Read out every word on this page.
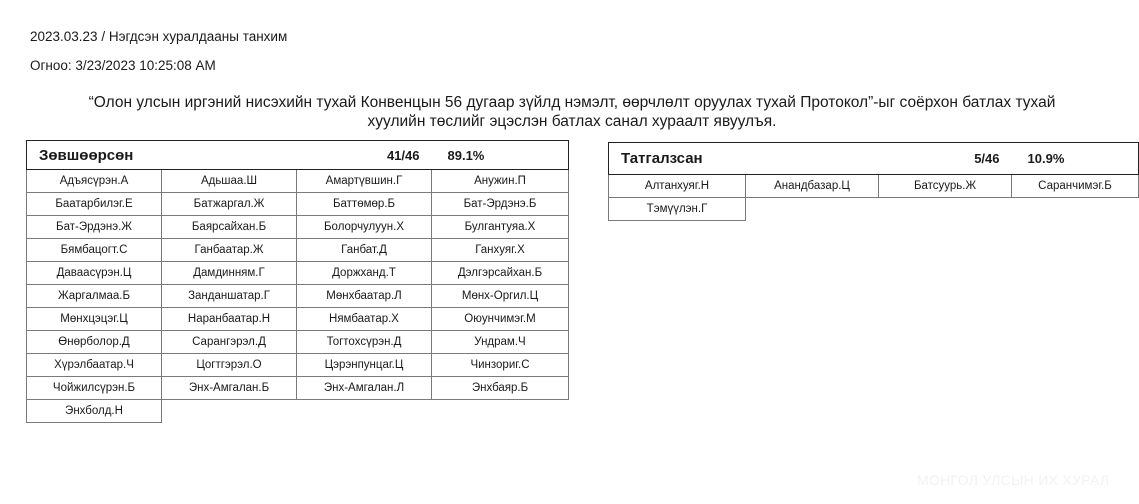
2023.03.23 / Нэгдсэн хуралдааны танхим
Огноо: 3/23/2023 10:25:08 AM
“Олон улсын иргэний нисэхийн тухай Конвенцын 56 дугаар зүйлд нэмэлт, өөрчлөлт оруулах тухай Протокол”-ыг соёрхон батлах тухай
хуулийн төслийг эцэслэн батлах санал хураалт явуулъя.
Зөвшөөрсөн		41/46	89.1%
Адъясүрэн.А	Адьшаа.Ш	Амартүвшин.Г	Анужин.П
Баатарбилэг.Е	Батжаргал.Ж	Баттөмөр.Б	Бат-Эрдэнэ.Б
Бат-Эрдэнэ.Ж	Баярсайхан.Б	Болорчулуун.Х	Булгантуяа.Х
Бямбацогт.С	Ганбаатар.Ж	Ганбат.Д	Ганхуяг.Х
Даваасүрэн.Ц	Дамдинням.Г	Доржханд.Т	Дэлгэрсайхан.Б
Жаргалмаа.Б	Занданшатар.Г	Мөнхбаатар.Л	Мөнх-Оргил.Ц
Мөнхцэцэг.Ц	Наранбаатар.Н	Нямбаатар.Х	Оюунчимэг.М
Өнөрболор.Д	Сарангэрэл.Д	Тогтохсүрэн.Д	Ундрам.Ч
Хүрэлбаатар.Ч	Цогтгэрэл.О	Цэрэнпунцаг.Ц	Чинзориг.С
Чойжилсүрэн.Б	Энх-Амгалан.Б	Энх-Амгалан.Л	Энхбаяр.Б
Энхболд.Н			
Татгалзсан		5/46	10.9%
Алтанхуяг.Н	Анандбазар.Ц	Батсуурь.Ж	Саранчимэг.Б
Тэмүүлэн.Г			
МОНГОЛ УЛСЫН ИХ ХУРАЛ
